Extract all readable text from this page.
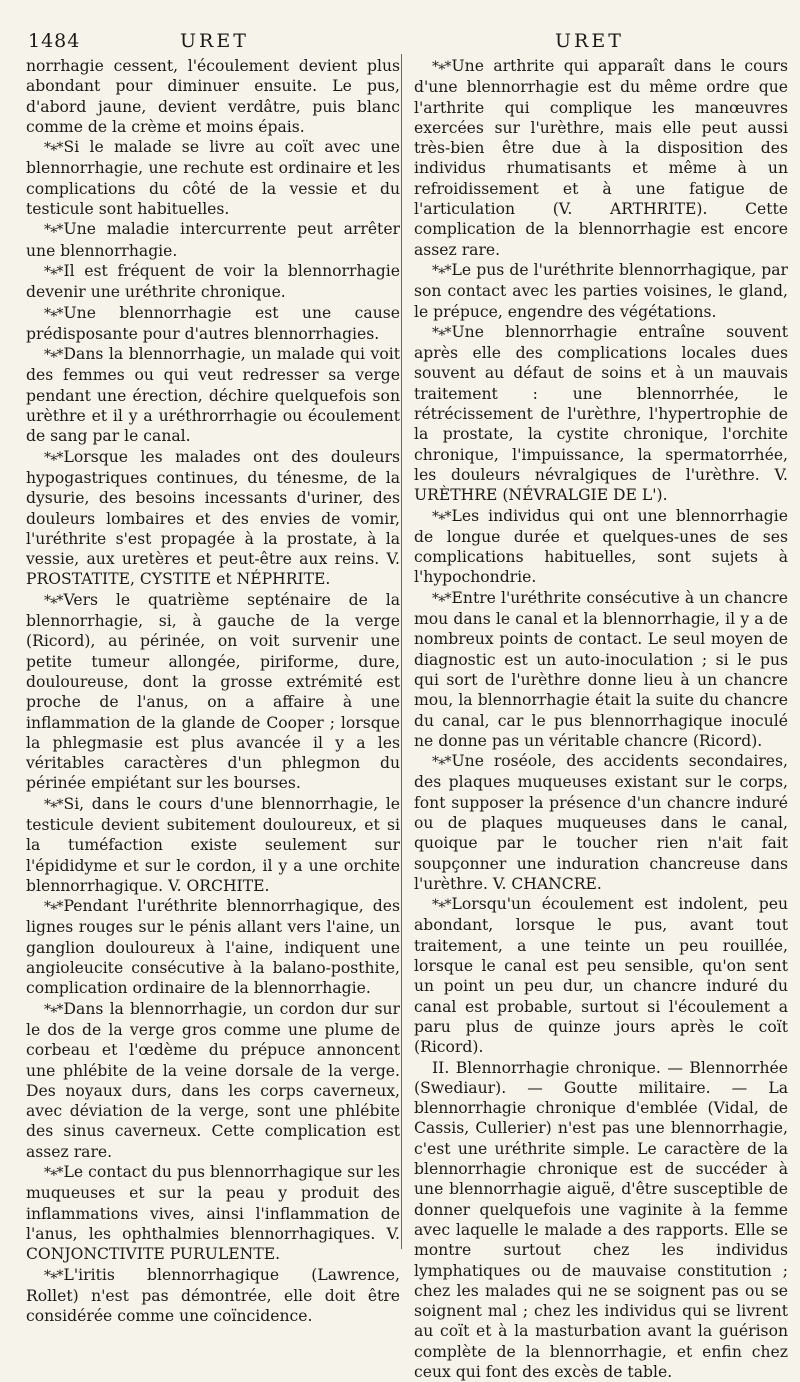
1484	URET	URET

norrhagie cessent, l'écoulement devient plus abondant pour diminuer ensuite. Le pus, d'abord jaune, devient verdâtre, puis blanc comme de la crème et moins épais.

*∗* Si le malade se livre au coït avec une blennorrhagie, une rechute est ordinaire et les complications du côté de la vessie et du testicule sont habituelles.

*∗* Une maladie intercurrente peut arrêter une blennorrhagie.

*∗* Il est fréquent de voir la blennorrhagie devenir une uréthrite chronique.

*∗* Une blennorrhagie est une cause prédisposante pour d'autres blennorrhagies.

*∗* Dans la blennorrhagie, un malade qui voit des femmes ou qui veut redresser sa verge pendant une érection, déchire quelquefois son urèthre et il y a uréthrorrhagie ou écoulement de sang par le canal.

*∗* Lorsque les malades ont des douleurs hypogastriques continues, du ténesme, de la dysurie, des besoins incessants d'uriner, des douleurs lombaires et des envies de vomir, l'uréthrite s'est propagée à la prostate, à la vessie, aux uretères et peut-être aux reins. V. PROSTATITE, CYSTITE et NÉPHRITE.

*∗* Vers le quatrième septénaire de la blennorrhagie, si, à gauche de la verge (Ricord), au périnée, on voit survenir une petite tumeur allongée, piriforme, dure, douloureuse, dont la grosse extrémité est proche de l'anus, on a affaire à une inflammation de la glande de Cooper ; lorsque la phlegmasie est plus avancée il y a les véritables caractères d'un phlegmon du périnée empiétant sur les bourses.

*∗* Si, dans le cours d'une blennorrhagie, le testicule devient subitement douloureux, et si la tuméfaction existe seulement sur l'épididyme et sur le cordon, il y a une orchite blennorrhagique. V. ORCHITE.

*∗* Pendant l'uréthrite blennorrhagique, des lignes rouges sur le pénis allant vers l'aine, un ganglion douloureux à l'aine, indiquent une angioleucite consécutive à la balano-posthite, complication ordinaire de la blennorrhagie.

*∗* Dans la blennorrhagie, un cordon dur sur le dos de la verge gros comme une plume de corbeau et l'œdème du prépuce annoncent une phlébite de la veine dorsale de la verge. Des noyaux durs, dans les corps caverneux, avec déviation de la verge, sont une phlébite des sinus caverneux. Cette complication est assez rare.

*∗* Le contact du pus blennorrhagique sur les muqueuses et sur la peau y produit des inflammations vives, ainsi l'inflammation de l'anus, les ophthalmies blennorrhagiques. V. CONJONCTIVITE PURULENTE.

*∗* L'iritis blennorrhagique (Lawrence, Rollet) n'est pas démontrée, elle doit être considérée comme une coïncidence.

*∗* Une arthrite qui apparaît dans le cours d'une blennorrhagie est du même ordre que l'arthrite qui complique les manœuvres exercées sur l'urèthre, mais elle peut aussi très-bien être due à la disposition des individus rhumatisants et même à un refroidissement et à une fatigue de l'articulation (V. ARTHRITE). Cette complication de la blennorrhagie est encore assez rare.

*∗* Le pus de l'uréthrite blennorrhagique, par son contact avec les parties voisines, le gland, le prépuce, engendre des végétations.

*∗* Une blennorrhagie entraîne souvent après elle des complications locales dues souvent au défaut de soins et à un mauvais traitement : une blennorrhée, le rétrécissement de l'urèthre, l'hypertrophie de la prostate, la cystite chronique, l'orchite chronique, l'impuissance, la spermatorrhée, les douleurs névralgiques de l'urèthre. V. URÈTHRE (NÉVRALGIE DE L').

*∗* Les individus qui ont une blennorrhagie de longue durée et quelques-unes de ses complications habituelles, sont sujets à l'hypochondrie.

*∗* Entre l'uréthrite consécutive à un chancre mou dans le canal et la blennorrhagie, il y a de nombreux points de contact. Le seul moyen de diagnostic est un auto-inoculation ; si le pus qui sort de l'urèthre donne lieu à un chancre mou, la blennorrhagie était la suite du chancre du canal, car le pus blennorrhagique inoculé ne donne pas un véritable chancre (Ricord).

*∗* Une roséole, des accidents secondaires, des plaques muqueuses existant sur le corps, font supposer la présence d'un chancre induré ou de plaques muqueuses dans le canal, quoique par le toucher rien n'ait fait soupçonner une induration chancreuse dans l'urèthre. V. CHANCRE.

*∗* Lorsqu'un écoulement est indolent, peu abondant, lorsque le pus, avant tout traitement, a une teinte un peu rouillée, lorsque le canal est peu sensible, qu'on sent un point un peu dur, un chancre induré du canal est probable, surtout si l'écoulement a paru plus de quinze jours après le coït (Ricord).

II. Blennorrhagie chronique. — Blennorrhée (Swediaur). — Goutte militaire. — La blennorrhagie chronique d'emblée (Vidal, de Cassis, Cullerier) n'est pas une blennorrhagie, c'est une uréthrite simple. Le caractère de la blennorrhagie chronique est de succéder à une blennorrhagie aiguë, d'être susceptible de donner quelquefois une vaginite à la femme avec laquelle le malade a des rapports. Elle se montre surtout chez les individus lymphatiques ou de mauvaise constitution ; chez les malades qui ne se soignent pas ou se soignent mal ; chez les individus qui se livrent au coït et à la masturbation avant la guérison complète de la blennorrhagie, et enfin chez ceux qui font des excès de table.
